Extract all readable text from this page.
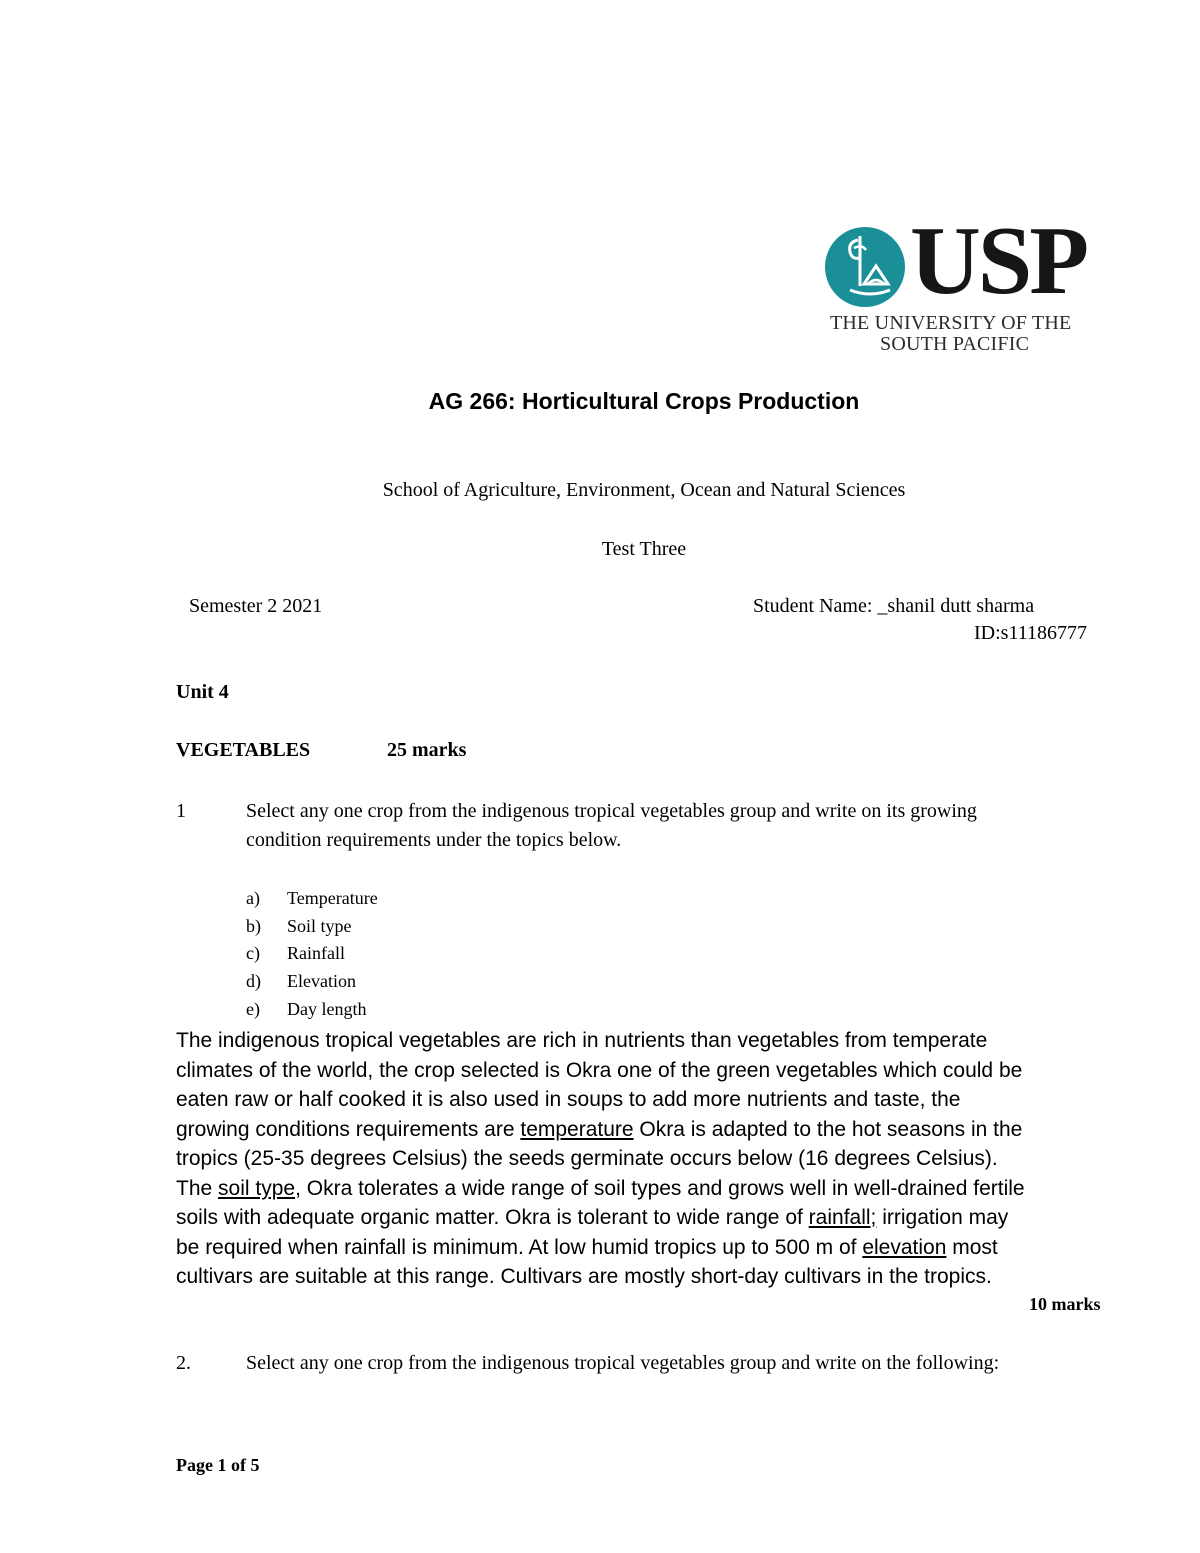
USP
THE UNIVERSITY OF THE
SOUTH PACIFIC
AG 266: Horticultural Crops Production
School of Agriculture, Environment, Ocean and Natural Sciences
Test Three
Semester 2 2021	Student Name: _shanil dutt sharma
ID:s11186777
Unit 4
VEGETABLES	25 marks
1	Select any one crop from the indigenous tropical vegetables group and write on its growing
condition requirements under the topics below.
a) Temperature
b) Soil type
c) Rainfall
d) Elevation
e) Day length
The indigenous tropical vegetables are rich in nutrients than vegetables from temperate
climates of the world, the crop selected is Okra one of the green vegetables which could be
eaten raw or half cooked it is also used in soups to add more nutrients and taste, the
growing conditions requirements are temperature Okra is adapted to the hot seasons in the
tropics (25-35 degrees Celsius) the seeds germinate occurs below (16 degrees Celsius).
The soil type, Okra tolerates a wide range of soil types and grows well in well-drained fertile
soils with adequate organic matter. Okra is tolerant to wide range of rainfall; irrigation may
be required when rainfall is minimum. At low humid tropics up to 500 m of elevation most
cultivars are suitable at this range. Cultivars are mostly short-day cultivars in the tropics.
10 marks
2.	Select any one crop from the indigenous tropical vegetables group and write on the following:
Page 1 of 5
